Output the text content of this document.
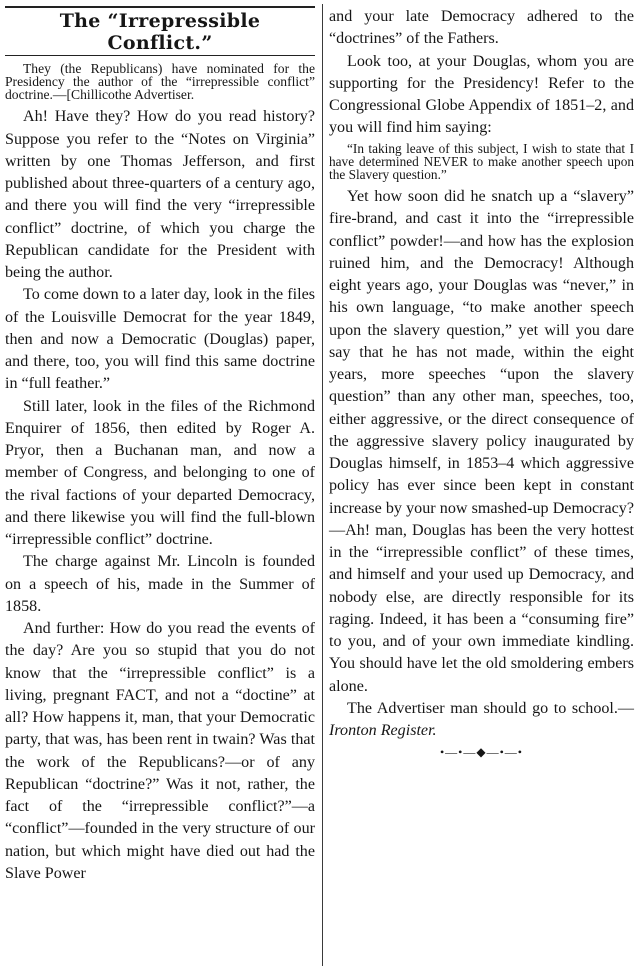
The “Irrepressible Conflict.”

They (the Republicans) have nominated for the Presidency the author of the “irrepressible conflict” doctrine.—[Chillicothe Advertiser.

Ah! Have they? How do you read history? Suppose you refer to the “Notes on Virginia” written by one Thomas Jefferson, and first published about three-quarters of a century ago, and there you will find the very “irrepressible conflict” doctrine, of which you charge the Republican candidate for the President with being the author.

To come down to a later day, look in the files of the Louisville Democrat for the year 1849, then and now a Democratic (Douglas) paper, and there, too, you will find this same doctrine in “full feather.”

Still later, look in the files of the Richmond Enquirer of 1856, then edited by Roger A. Pryor, then a Buchanan man, and now a member of Congress, and belonging to one of the rival factions of your departed Democracy, and there likewise you will find the full-blown “irrepressible conflict” doctrine.

The charge against Mr. Lincoln is founded on a speech of his, made in the Summer of 1858.

And further: How do you read the events of the day? Are you so stupid that you do not know that the “irrepressible conflict” is a living, pregnant FACT, and not a “doctine” at all? How happens it, man, that your Democratic party, that was, has been rent in twain? Was that the work of the Republicans?—or of any Republican “doctrine?” Was it not, rather, the fact of the “irrepressible conflict?”—a “conflict”—founded in the very structure of our nation, but which might have died out had the Slave Power

and your late Democracy adhered to the “doctrines” of the Fathers.

Look too, at your Douglas, whom you are supporting for the Presidency! Refer to the Congressional Globe Appendix of 1851–2, and you will find him saying:

“In taking leave of this subject, I wish to state that I have determined NEVER to make another speech upon the Slavery question.”

Yet how soon did he snatch up a “slavery” fire-brand, and cast it into the “irrepressible conflict” powder!—and how has the explosion ruined him, and the Democracy! Although eight years ago, your Douglas was “never,” in his own language, “to make another speech upon the slavery question,” yet will you dare say that he has not made, within the eight years, more speeches “upon the slavery question” than any other man, speeches, too, either aggressive, or the direct consequence of the aggressive slavery policy inaugurated by Douglas himself, in 1853–4 which aggressive policy has ever since been kept in constant increase by your now smashed-up Democracy?—Ah! man, Douglas has been the very hottest in the “irrepressible conflict” of these times, and himself and your used up Democracy, and nobody else, are directly responsible for its raging. Indeed, it has been a “consuming fire” to you, and of your own immediate kindling. You should have let the old smoldering embers alone.

The Advertiser man should go to school.—Ironton Register.

•—•—◆—•—•
